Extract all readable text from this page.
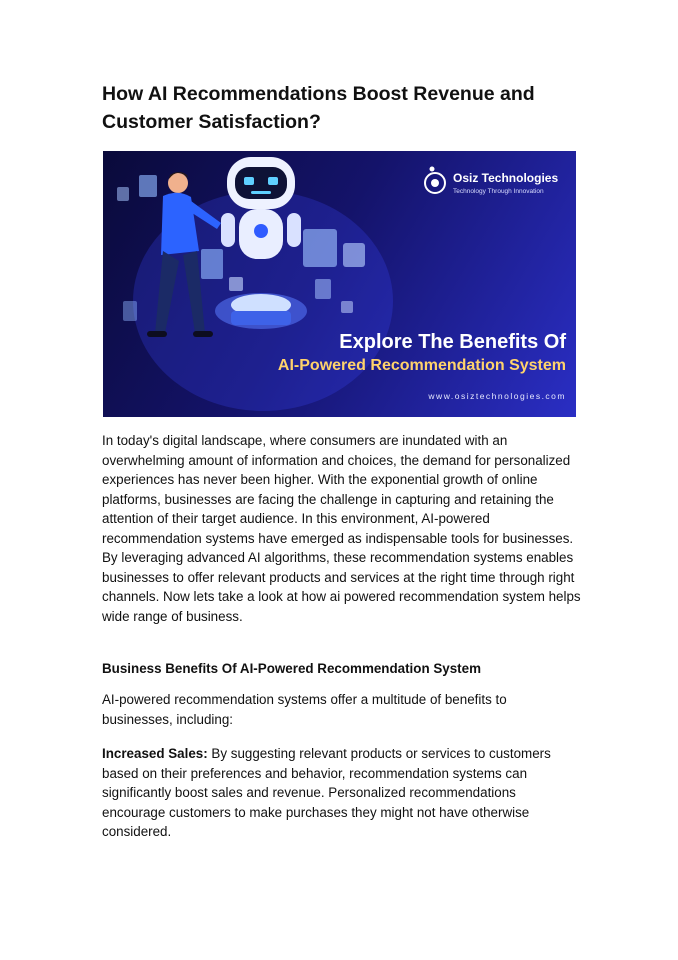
How AI Recommendations Boost Revenue and Customer Satisfaction?
Osiz Technologies
Technology Through Innovation
Explore The Benefits Of
AI-Powered Recommendation System
www.osiztechnologies.com

In today's digital landscape, where consumers are inundated with an overwhelming amount of information and choices, the demand for personalized experiences has never been higher. With the exponential growth of online platforms, businesses are facing the challenge in capturing and retaining the attention of their target audience. In this environment, AI-powered recommendation systems have emerged as indispensable tools for businesses. By leveraging advanced AI algorithms, these recommendation systems enables businesses to offer relevant products and services at the right time through right channels. Now lets take a look at how ai powered recommendation system helps wide range of business.

Business Benefits Of AI-Powered Recommendation System

AI-powered recommendation systems offer a multitude of benefits to businesses, including:

Increased Sales: By suggesting relevant products or services to customers based on their preferences and behavior, recommendation systems can significantly boost sales and revenue. Personalized recommendations encourage customers to make purchases they might not have otherwise considered.
